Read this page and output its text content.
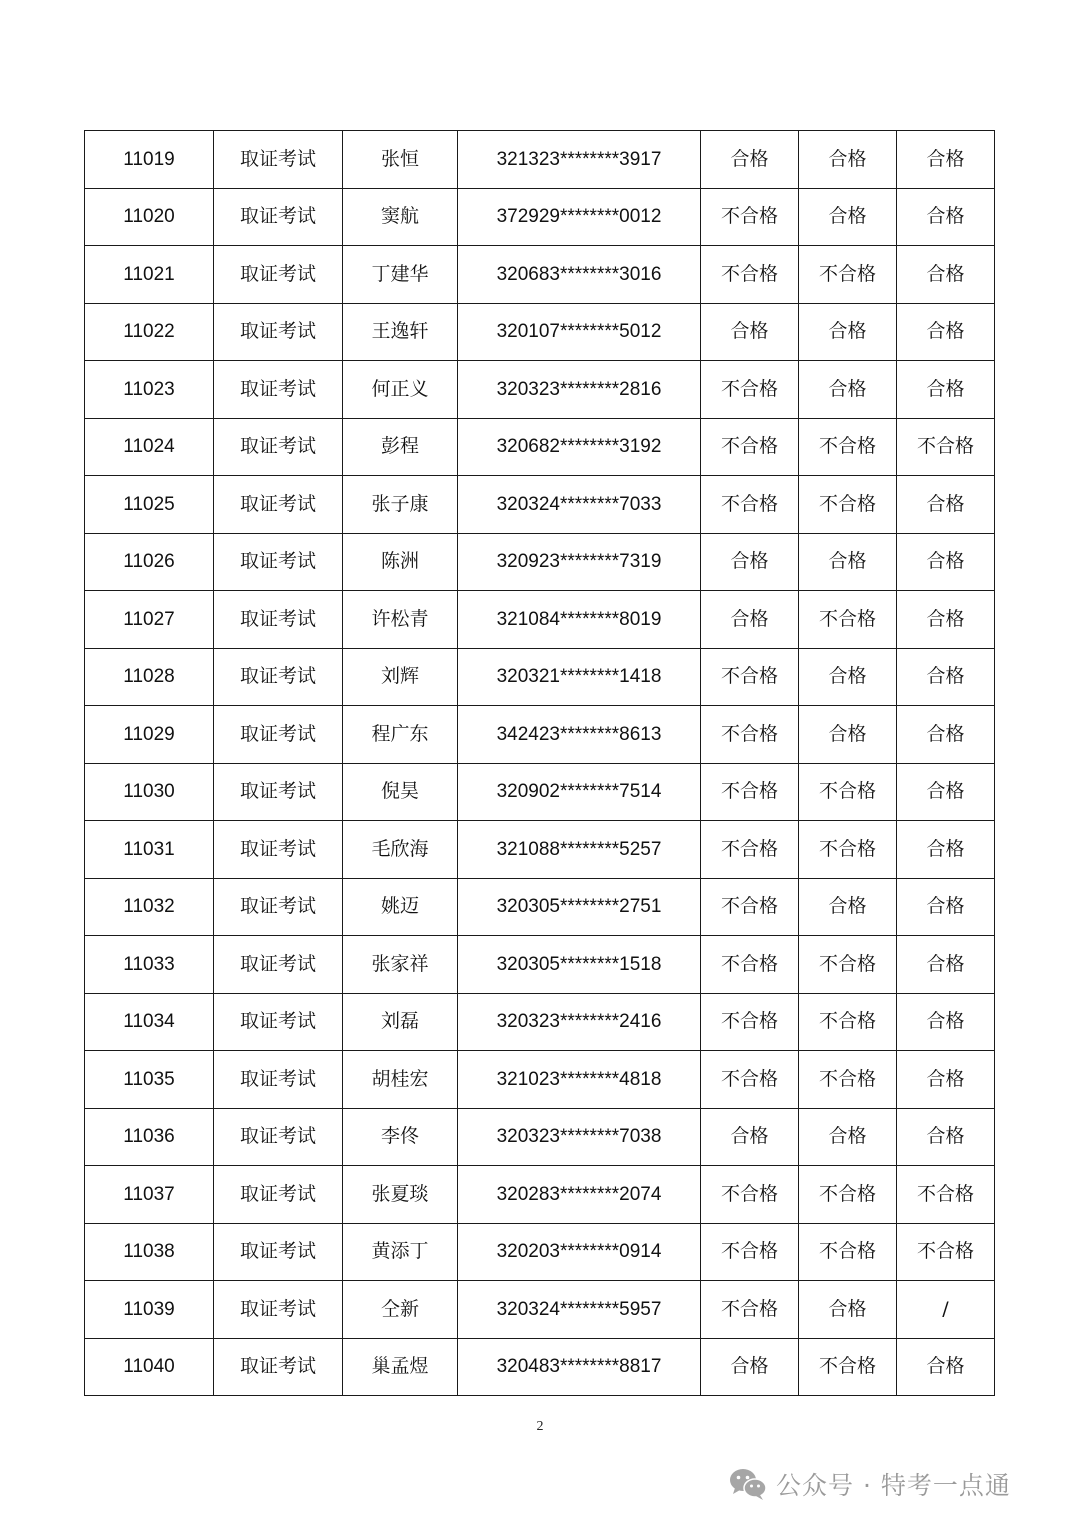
11019	取证考试	张恒	321323********3917	合格	合格	合格
11020	取证考试	窦航	372929********0012	不合格	合格	合格
11021	取证考试	丁建华	320683********3016	不合格	不合格	合格
11022	取证考试	王逸轩	320107********5012	合格	合格	合格
11023	取证考试	何正义	320323********2816	不合格	合格	合格
11024	取证考试	彭程	320682********3192	不合格	不合格	不合格
11025	取证考试	张子康	320324********7033	不合格	不合格	合格
11026	取证考试	陈洲	320923********7319	合格	合格	合格
11027	取证考试	许松青	321084********8019	合格	不合格	合格
11028	取证考试	刘辉	320321********1418	不合格	合格	合格
11029	取证考试	程广东	342423********8613	不合格	合格	合格
11030	取证考试	倪昊	320902********7514	不合格	不合格	合格
11031	取证考试	毛欣海	321088********5257	不合格	不合格	合格
11032	取证考试	姚迈	320305********2751	不合格	合格	合格
11033	取证考试	张家祥	320305********1518	不合格	不合格	合格
11034	取证考试	刘磊	320323********2416	不合格	不合格	合格
11035	取证考试	胡桂宏	321023********4818	不合格	不合格	合格
11036	取证考试	李佟	320323********7038	合格	合格	合格
11037	取证考试	张夏琰	320283********2074	不合格	不合格	不合格
11038	取证考试	黄添丁	320203********0914	不合格	不合格	不合格
11039	取证考试	仝新	320324********5957	不合格	合格	/
11040	取证考试	巢孟煜	320483********8817	合格	不合格	合格
2
公众号 · 特考一点通
